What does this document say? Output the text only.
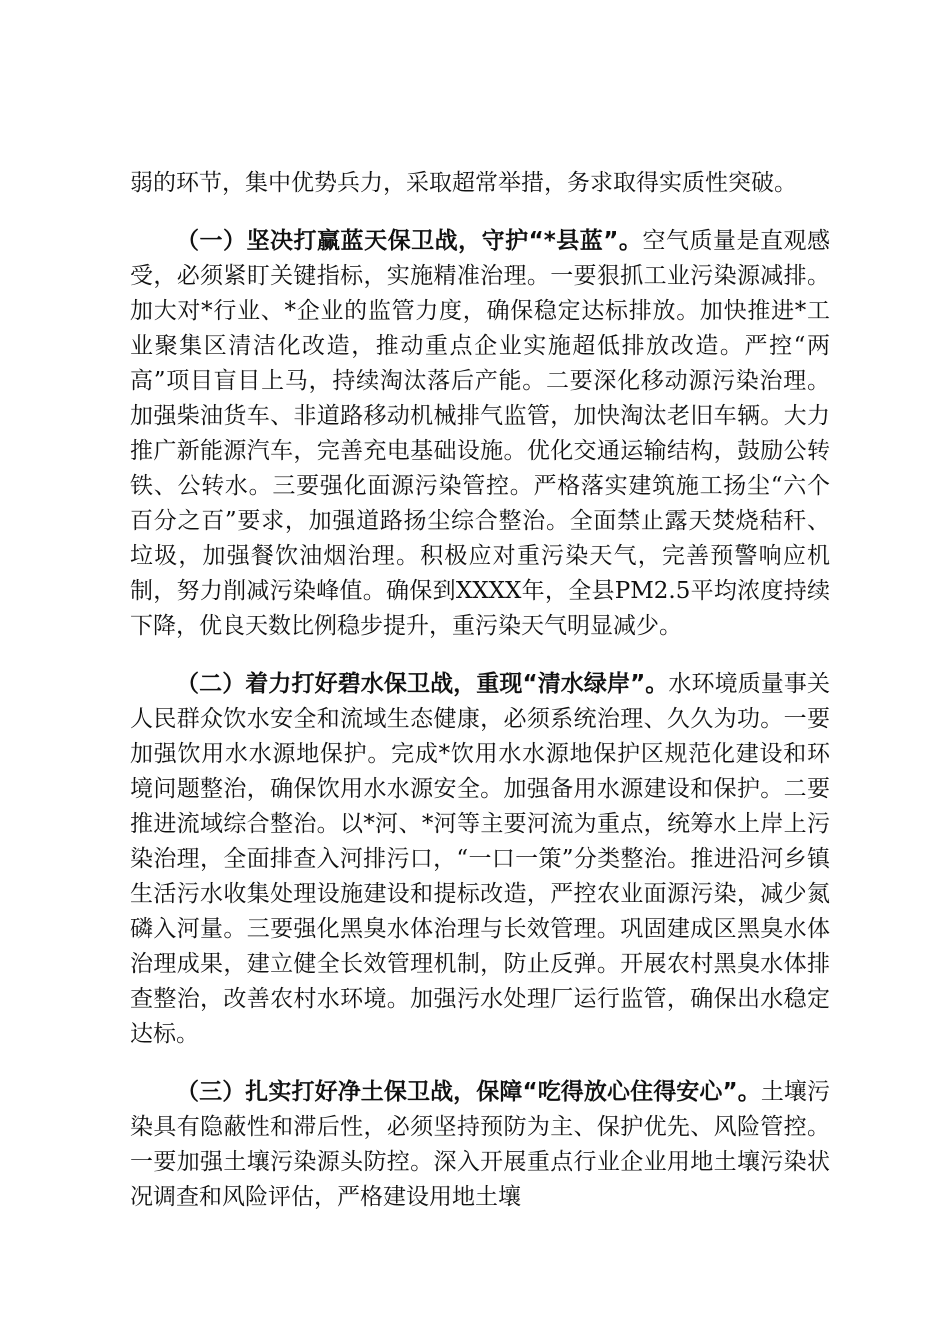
弱的环节，集中优势兵力，采取超常举措，务求取得实质性突破。

（一）坚决打赢蓝天保卫战，守护“*县蓝”。空气质量是直观感受，必须紧盯关键指标，实施精准治理。一要狠抓工业污染源减排。加大对*行业、*企业的监管力度，确保稳定达标排放。加快推进*工业聚集区清洁化改造，推动重点企业实施超低排放改造。严控“两高”项目盲目上马，持续淘汰落后产能。二要深化移动源污染治理。加强柴油货车、非道路移动机械排气监管，加快淘汰老旧车辆。大力推广新能源汽车，完善充电基础设施。优化交通运输结构，鼓励公转铁、公转水。三要强化面源污染管控。严格落实建筑施工扬尘“六个百分之百”要求，加强道路扬尘综合整治。全面禁止露天焚烧秸秆、垃圾，加强餐饮油烟治理。积极应对重污染天气，完善预警响应机制，努力削减污染峰值。确保到XXXX年，全县PM2.5平均浓度持续下降，优良天数比例稳步提升，重污染天气明显减少。

（二）着力打好碧水保卫战，重现“清水绿岸”。水环境质量事关人民群众饮水安全和流域生态健康，必须系统治理、久久为功。一要加强饮用水水源地保护。完成*饮用水水源地保护区规范化建设和环境问题整治，确保饮用水水源安全。加强备用水源建设和保护。二要推进流域综合整治。以*河、*河等主要河流为重点，统筹水上岸上污染治理，全面排查入河排污口，“一口一策”分类整治。推进沿河乡镇生活污水收集处理设施建设和提标改造，严控农业面源污染，减少氮磷入河量。三要强化黑臭水体治理与长效管理。巩固建成区黑臭水体治理成果，建立健全长效管理机制，防止反弹。开展农村黑臭水体排查整治，改善农村水环境。加强污水处理厂运行监管，确保出水稳定达标。

（三）扎实打好净土保卫战，保障“吃得放心住得安心”。土壤污染具有隐蔽性和滞后性，必须坚持预防为主、保护优先、风险管控。一要加强土壤污染源头防控。深入开展重点行业企业用地土壤污染状况调查和风险评估，严格建设用地土壤
